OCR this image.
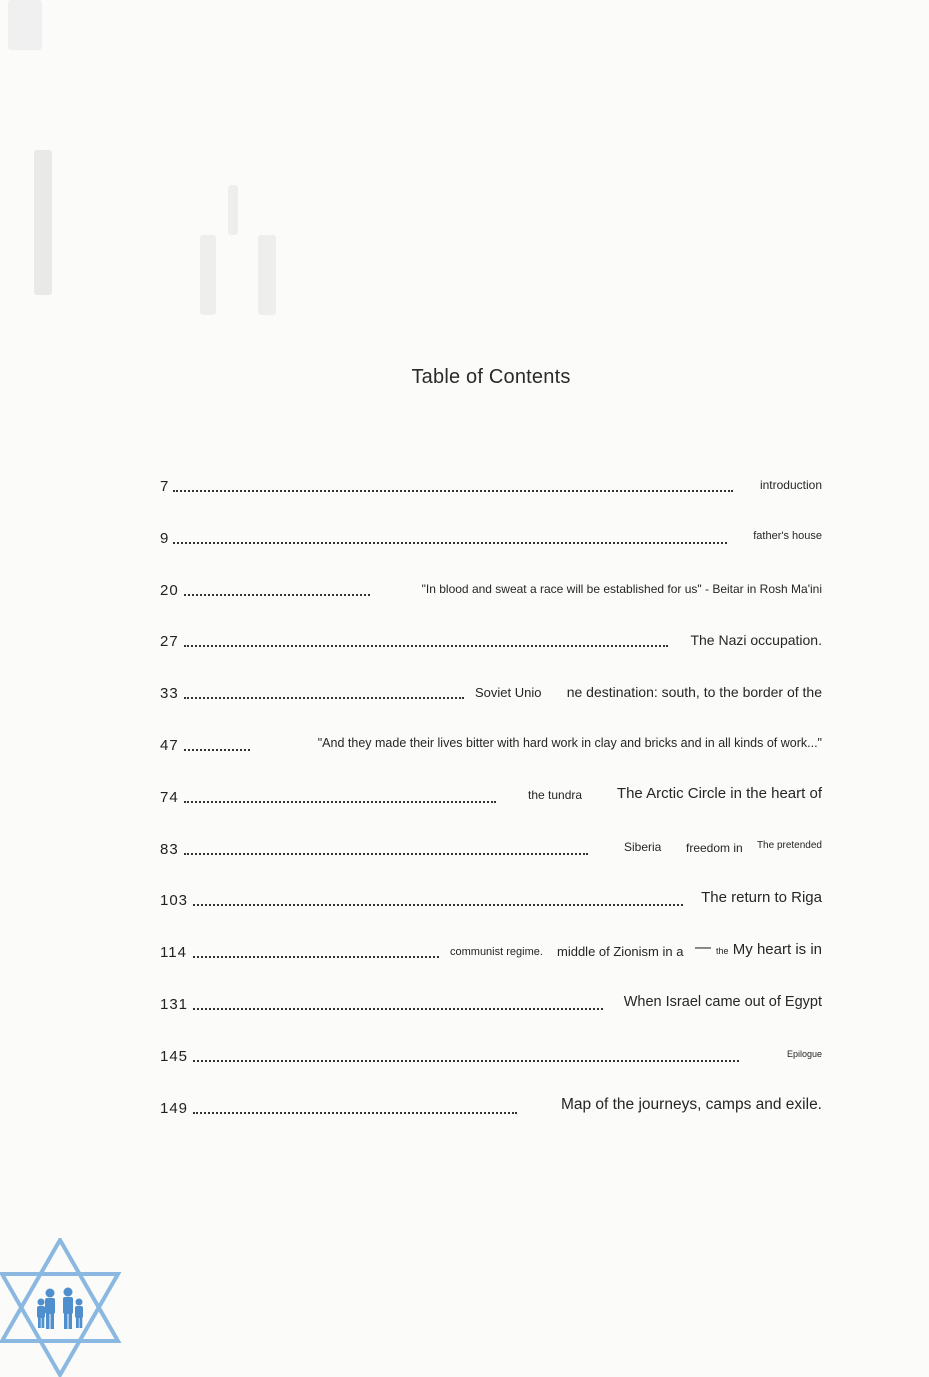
Table of Contents
7	introduction
9	father's house
20	"In blood and sweat a race will be established for us" - Beitar in Rosh Ma'ini
27	The Nazi occupation.
33	Soviet Unio ne destination: south, to the border of the
47	"And they made their lives bitter with hard work in clay and bricks and in all kinds of work..."
74	the tundra The Arctic Circle in the heart of
83	Siberia freedom in The pretended
103	The return to Riga
114	communist regime. middle of Zionism in a — the My heart is in
131	When Israel came out of Egypt
145	Epilogue
149	Map of the journeys, camps and exile.
